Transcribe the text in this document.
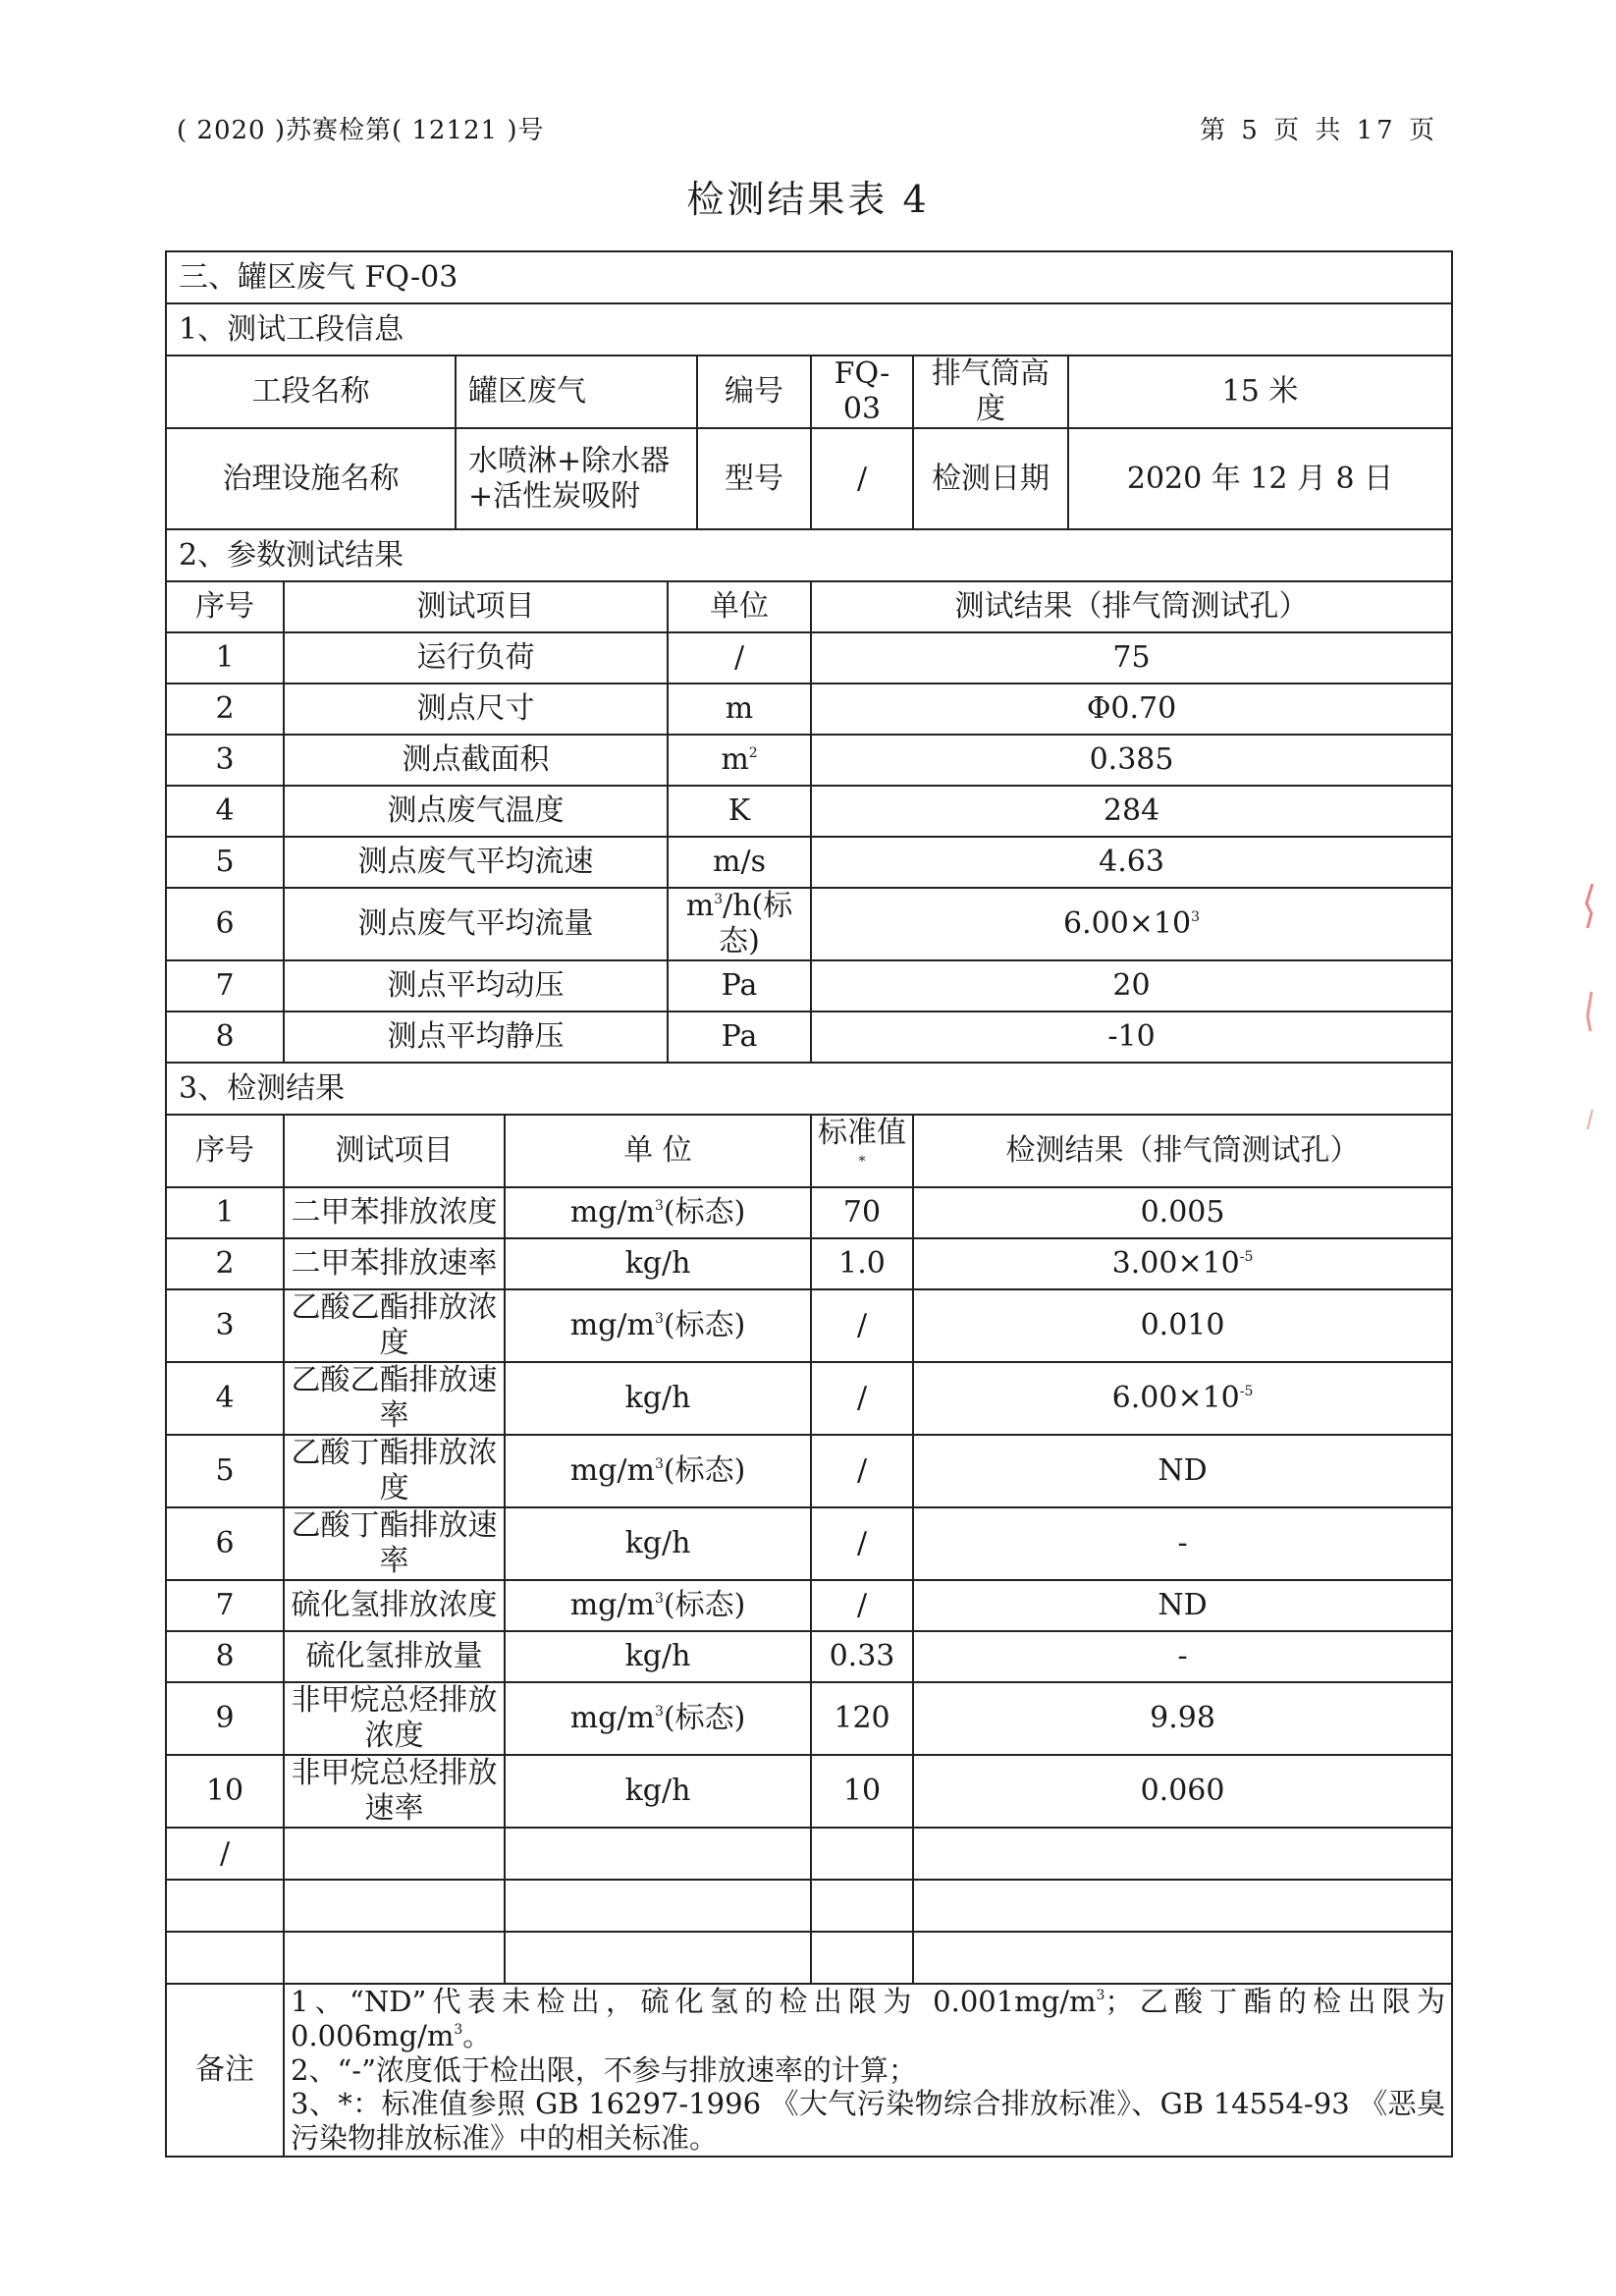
( 2020 )苏赛检第( 12121 )号	第 5 页 共 17 页
检测结果表 4
三、罐区废气 FQ-03								
1、测试工段信息								
工段名称		罐区废气			编号	FQ-03	排气筒高度	15 米
治理设施名称		水喷淋+除水器+活性炭吸附			型号	/	检测日期	2020 年 12 月 8 日
2、参数测试结果								
序号	测试项目			单位		测试结果（排气筒测试孔）		
1	运行负荷			/		75		
2	测点尺寸			m		Φ0.70		
3	测点截面积			$m^2$		0.385		
4	测点废气温度			K		284		
5	测点废气平均流速			m/s		4.63		
6	测点废气平均流量			$m^3/h$(标态)		$6.00\times 10^3$
7	测点平均动压			Pa		20		
8	测点平均静压			Pa		-10		
3、检测结果								
序号	测试项目		单 位			标准值*	检测结果（排气筒测试孔）	
1	二甲苯排放浓度		$mg/m^3$(标态)			70	0.005	
2	二甲苯排放速率		kg/h			1.0	$3.00\times 10^{-5}$
3	乙酸乙酯排放浓度		$mg/m^3$(标态)			/	0.010	
4	乙酸乙酯排放速率		kg/h			/	$6.00\times 10^{-5}$
5	乙酸丁酯排放浓度		$mg/m^3$(标态)			/	ND	
6	乙酸丁酯排放速率		kg/h			/	-	
7	硫化氢排放浓度		$mg/m^3$(标态)			/	ND	
8	硫化氢排放量		kg/h			0.33	-	
9	非甲烷总烃排放浓度		$mg/m^3$(标态)			120	9.98	
10	非甲烷总烃排放速率		kg/h			10	0.060	
/								

备注	1、“ND”代表未检出，硫化氢的检出限为 $0.001mg/m^3$；乙酸丁酯的检出限为 $0.006mg/m^3$。
2、“-”浓度低于检出限，不参与排放速率的计算；
3、*：标准值参照 GB 16297-1996 《大气污染物综合排放标准》、GB 14554-93 《恶臭污染物排放标准》中的相关标准。							
